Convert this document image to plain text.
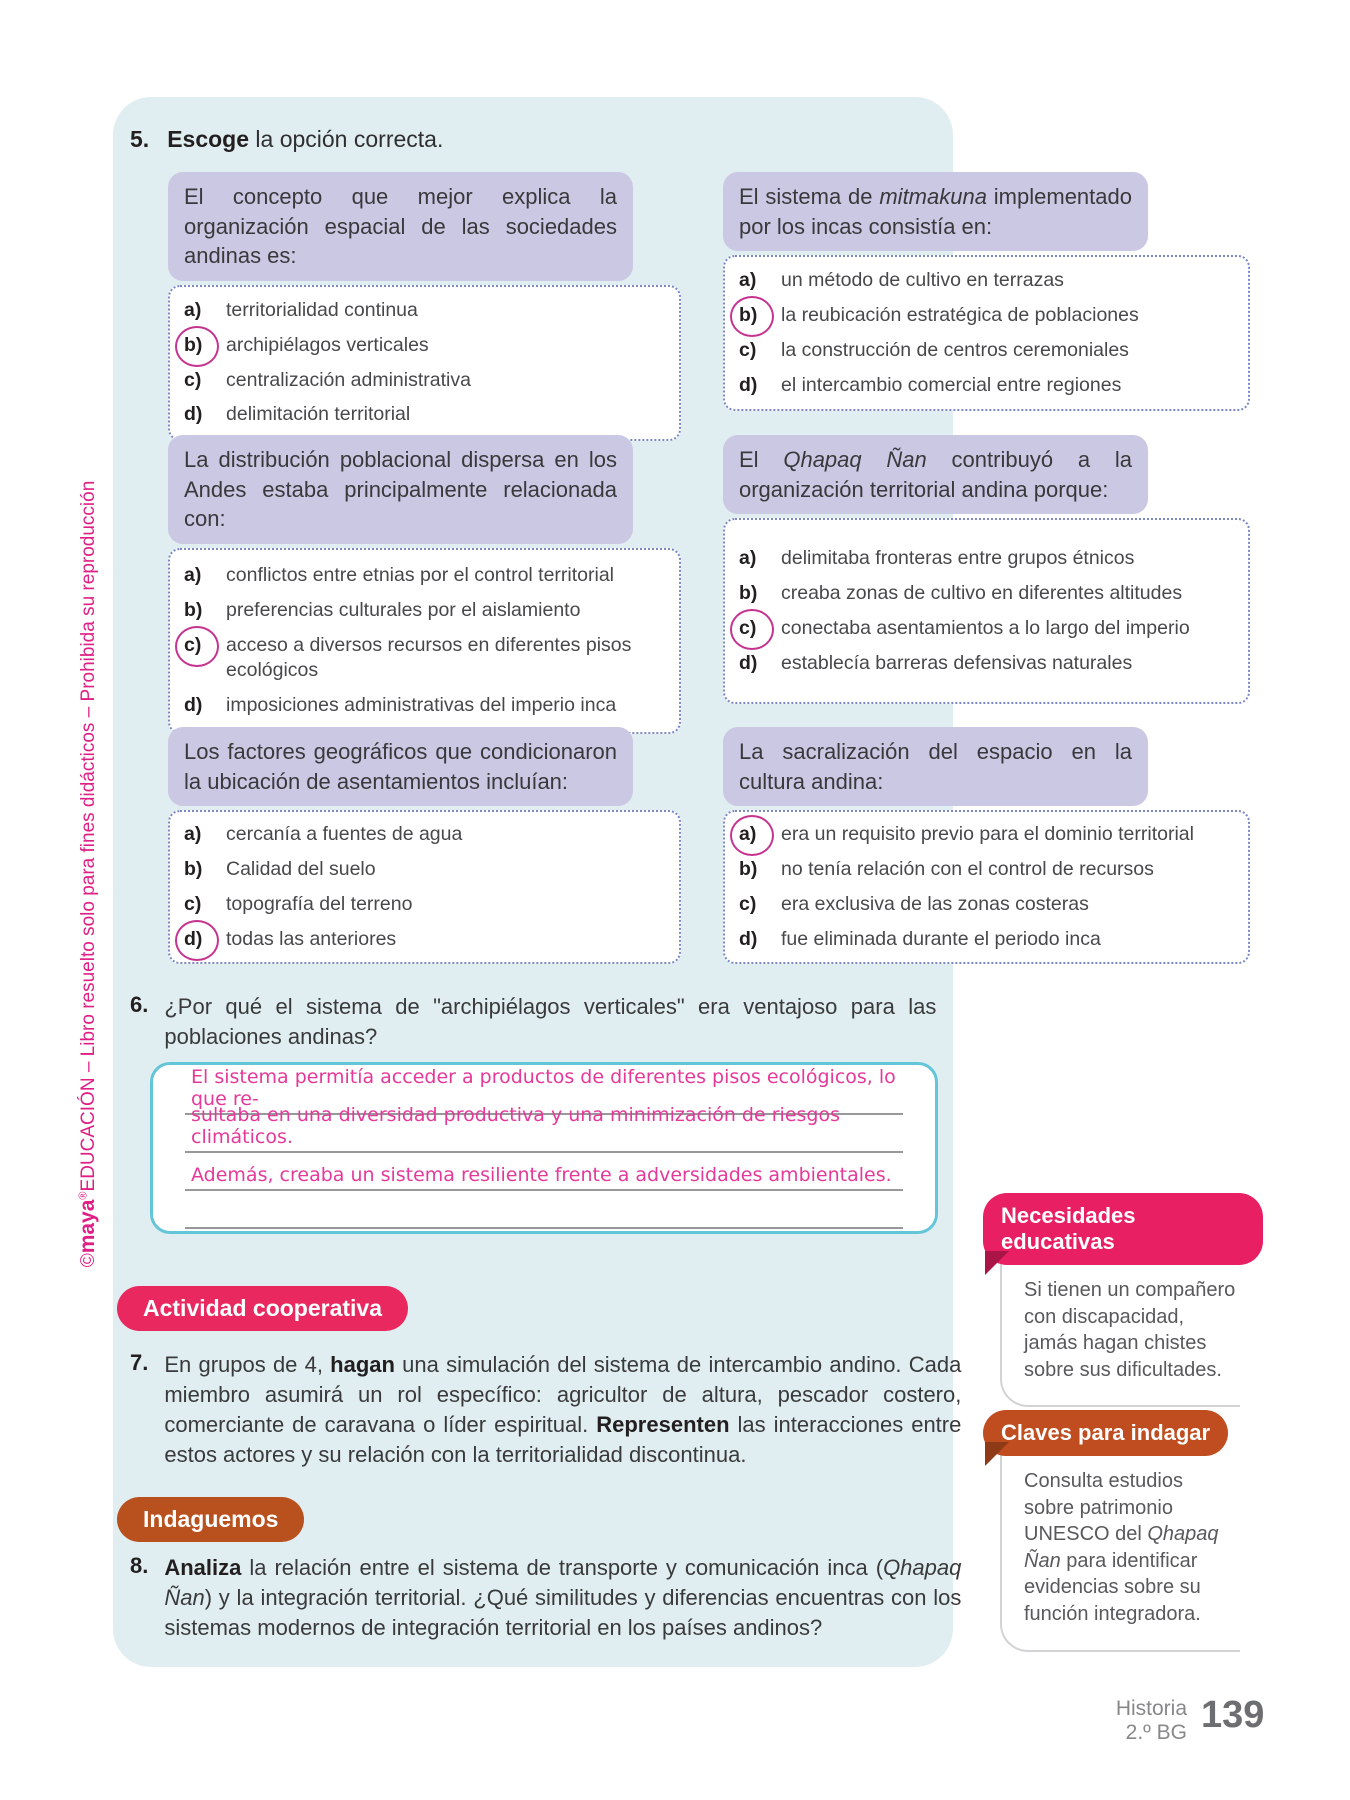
©maya®EDUCACIÓN – Libro resuelto solo para fines didácticos – Prohibida su reproducción
5. Escoge la opción correcta.
El concepto que mejor explica la organización espacial de las sociedades andinas es:
a)	territorialidad continua
b)	archipiélagos verticales
c)	centralización administrativa
d)	delimitación territorial
El sistema de mitmakuna implementado por los incas consistía en:
a)	un método de cultivo en terrazas
b)	la reubicación estratégica de poblaciones
c)	la construcción de centros ceremoniales
d)	el intercambio comercial entre regiones
La distribución poblacional dispersa en los Andes estaba principalmente relacionada con:
a)	conflictos entre etnias por el control territorial
b)	preferencias culturales por el aislamiento
c)	acceso a diversos recursos en diferentes pisos ecológicos
d)	imposiciones administrativas del imperio inca
El Qhapaq Ñan contribuyó a la organización territorial andina porque:
a)	delimitaba fronteras entre grupos étnicos
b)	creaba zonas de cultivo en diferentes altitudes
c)	conectaba asentamientos a lo largo del imperio
d)	establecía barreras defensivas naturales
Los factores geográficos que condicionaron la ubicación de asentamientos incluían:
a)	cercanía a fuentes de agua
b)	Calidad del suelo
c)	topografía del terreno
d)	todas las anteriores
La sacralización del espacio en la cultura andina:
a)	era un requisito previo para el dominio territorial
b)	no tenía relación con el control de recursos
c)	era exclusiva de las zonas costeras
d)	fue eliminada durante el periodo inca
6. ¿Por qué el sistema de "archipiélagos verticales" era ventajoso para las poblaciones andinas?
El sistema permitía acceder a productos de diferentes pisos ecológicos, lo que re-
sultaba en una diversidad productiva y una minimización de riesgos climáticos.
Además, creaba un sistema resiliente frente a adversidades ambientales.
Actividad cooperativa
7. En grupos de 4, hagan una simulación del sistema de intercambio andino. Cada miembro asumirá un rol específico: agricultor de altura, pescador costero, comerciante de caravana o líder espiritual. Representen las interacciones entre estos actores y su relación con la territorialidad discontinua.
Indaguemos
8. Analiza la relación entre el sistema de transporte y comunicación inca (Qhapaq Ñan) y la integración territorial. ¿Qué similitudes y diferencias encuentras con los sistemas modernos de integración territorial en los países andinos?
Necesidades educativas
Si tienen un compañero con discapacidad, jamás hagan chistes sobre sus dificultades.
Claves para indagar
Consulta estudios sobre patrimonio UNESCO del Qhapaq Ñan para identificar evidencias sobre su función integradora.
Historia
2.º BG 139
